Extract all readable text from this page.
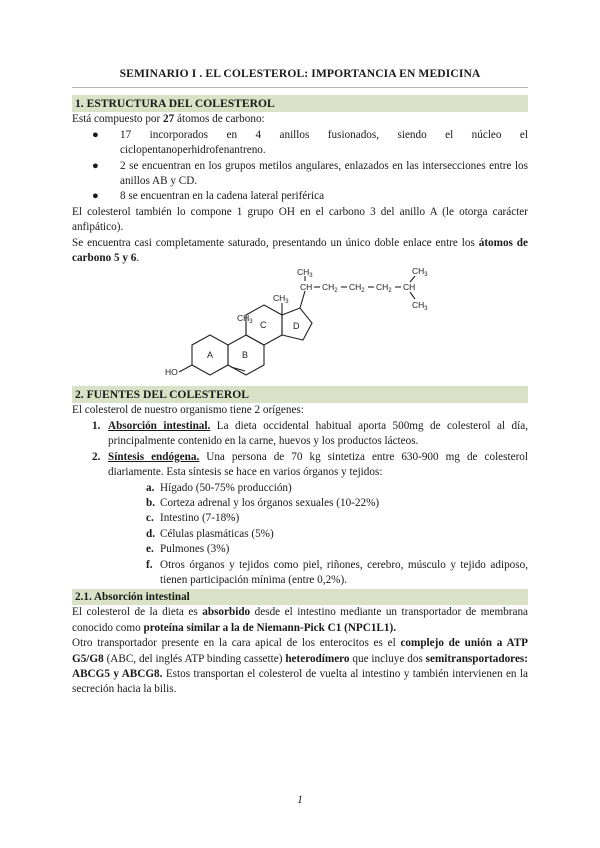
SEMINARIO I . EL COLESTEROL: IMPORTANCIA EN MEDICINA
1. ESTRUCTURA DEL COLESTEROL

Está compuesto por 27 átomos de carbono:

● 17 incorporados en 4 anillos fusionados, siendo el núcleo el ciclopentanoperhidrofenantreno.
● 2 se encuentran en los grupos metilos angulares, enlazados en las intersecciones entre los anillos AB y CD.
● 8 se encuentran en la cadena lateral periférica

El colesterol también lo compone 1 grupo OH en el carbono 3 del anillo A (le otorga carácter anfipático).

Se encuentra casi completamente saturado, presentando un único doble enlace entre los átomos de carbono 5 y 6.

A	B
C	D
HO
$CH_3$
$CH_3$
$CH_3$
CH $CH_2$ $CH_2$ $CH_2$ CH
$CH_3$
$CH_3$
2. FUENTES DEL COLESTEROL

El colesterol de nuestro organismo tiene 2 orígenes:

1. Absorción intestinal. La dieta occidental habitual aporta 500mg de colesterol al día, principalmente contenido en la carne, huevos y los productos lácteos.
2. Síntesis endógena. Una persona de 70 kg sintetiza entre 630-900 mg de colesterol diariamente. Esta síntesis se hace en varios órganos y tejidos:
a. Hígado (50-75% producción)
b. Corteza adrenal y los órganos sexuales (10-22%)
c. Intestino (7-18%)
d. Células plasmáticas (5%)
e. Pulmones (3%)
f. Otros órganos y tejidos como piel, riñones, cerebro, músculo y tejido adiposo, tienen participación mínima (entre 0,2%).
2.1. Absorción intestinal

El colesterol de la dieta es absorbido desde el intestino mediante un transportador de membrana conocido como proteína similar a la de Niemann-Pick C1 (NPC1L1).

Otro transportador presente en la cara apical de los enterocitos es el complejo de unión a ATP G5/G8 (ABC, del inglés ATP binding cassette) heterodímero que incluye dos semitransportadores: ABCG5 y ABCG8. Estos transportan el colesterol de vuelta al intestino y también intervienen en la secreción hacia la bilis.

1
